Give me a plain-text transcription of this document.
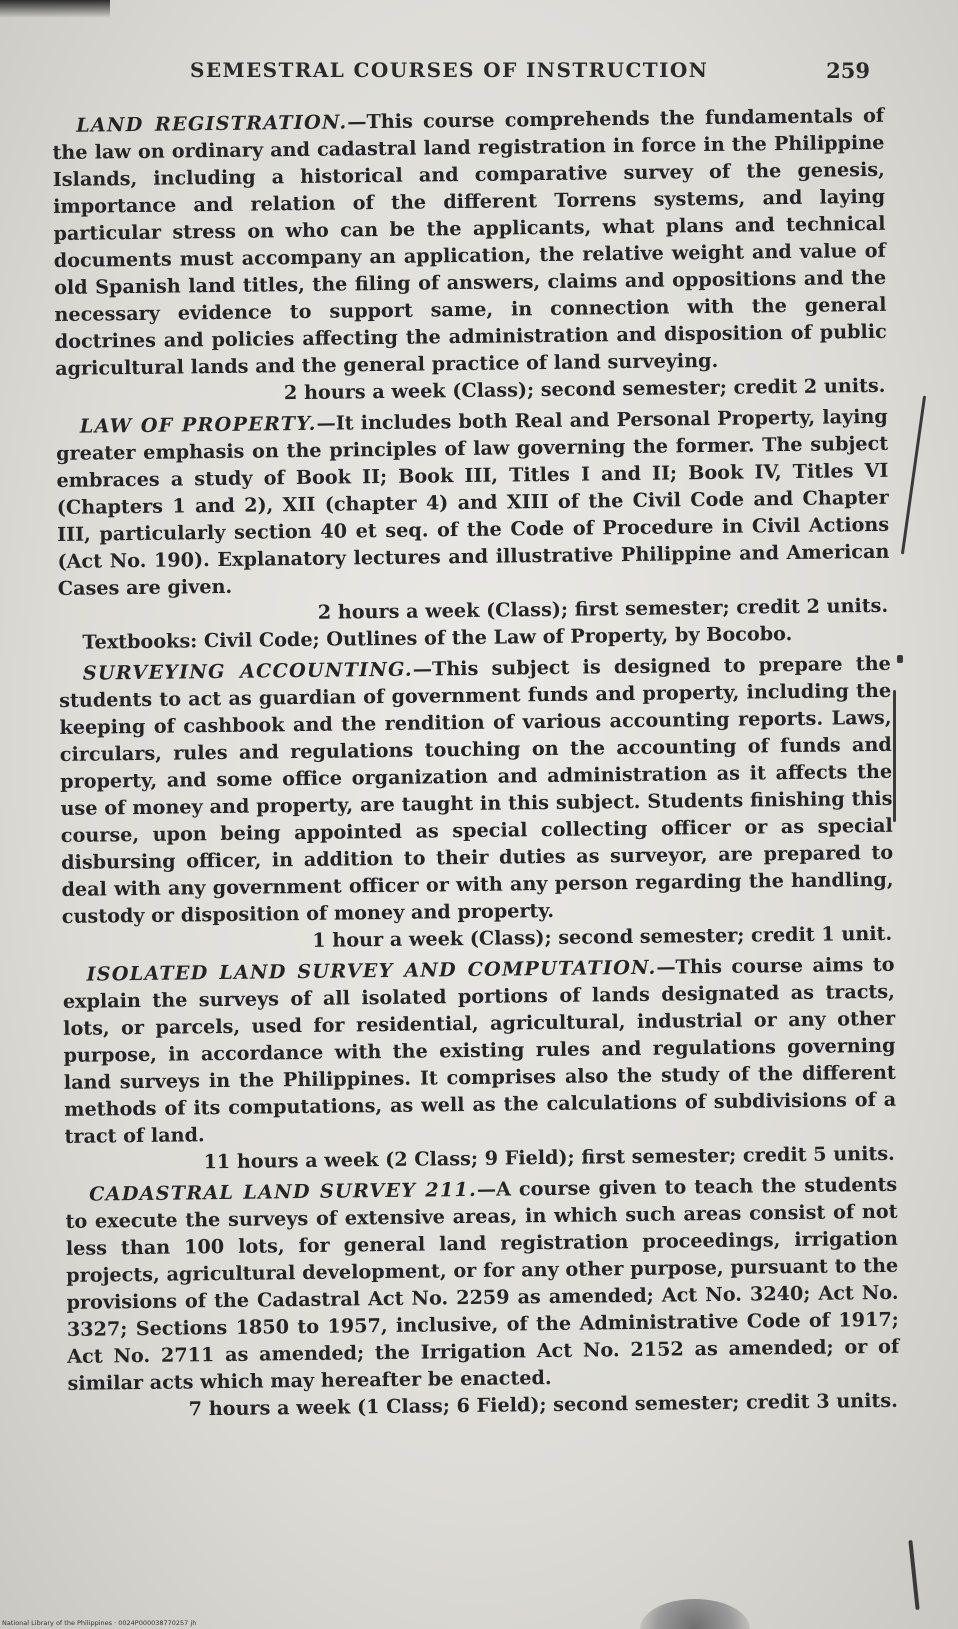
SEMESTRAL COURSES OF INSTRUCTION	259

LAND REGISTRATION.—This course comprehends the fundamentals of the law on ordinary and cadastral land registration in force in the Philippine Islands, including a historical and comparative survey of the genesis, importance and relation of the different Torrens systems, and laying particular stress on who can be the applicants, what plans and technical documents must accompany an application, the relative weight and value of old Spanish land titles, the filing of answers, claims and oppositions and the necessary evidence to support same, in connection with the general doctrines and policies affecting the administration and disposition of public agricultural lands and the general practice of land surveying.

2 hours a week (Class); second semester; credit 2 units.

LAW OF PROPERTY.—It includes both Real and Personal Property, laying greater emphasis on the principles of law governing the former. The subject embraces a study of Book II; Book III, Titles I and II; Book IV, Titles VI (Chapters 1 and 2), XII (chapter 4) and XIII of the Civil Code and Chapter III, particularly section 40 et seq. of the Code of Procedure in Civil Actions (Act No. 190). Explanatory lectures and illustrative Philippine and American Cases are given.

2 hours a week (Class); first semester; credit 2 units.

Textbooks: Civil Code; Outlines of the Law of Property, by Bocobo.

SURVEYING ACCOUNTING.—This subject is designed to prepare the students to act as guardian of government funds and property, including the keeping of cashbook and the rendition of various accounting reports. Laws, circulars, rules and regulations touching on the accounting of funds and property, and some office organization and administration as it affects the use of money and property, are taught in this subject. Students finishing this course, upon being appointed as special collecting officer or as special disbursing officer, in addition to their duties as surveyor, are prepared to deal with any government officer or with any person regarding the handling, custody or disposition of money and property.

1 hour a week (Class); second semester; credit 1 unit.

ISOLATED LAND SURVEY AND COMPUTATION.—This course aims to explain the surveys of all isolated portions of lands designated as tracts, lots, or parcels, used for residential, agricultural, industrial or any other purpose, in accordance with the existing rules and regulations governing land surveys in the Philippines. It comprises also the study of the different methods of its computations, as well as the calculations of subdivisions of a tract of land.

11 hours a week (2 Class; 9 Field); first semester; credit 5 units.

CADASTRAL LAND SURVEY 211.—A course given to teach the students to execute the surveys of extensive areas, in which such areas consist of not less than 100 lots, for general land registration proceedings, irrigation projects, agricultural development, or for any other purpose, pursuant to the provisions of the Cadastral Act No. 2259 as amended; Act No. 3240; Act No. 3327; Sections 1850 to 1957, inclusive, of the Administrative Code of 1917; Act No. 2711 as amended; the Irrigation Act No. 2152 as amended; or of similar acts which may hereafter be enacted.

7 hours a week (1 Class; 6 Field); second semester; credit 3 units.

National Library of the Philippines · 0024P000038770257 jh
